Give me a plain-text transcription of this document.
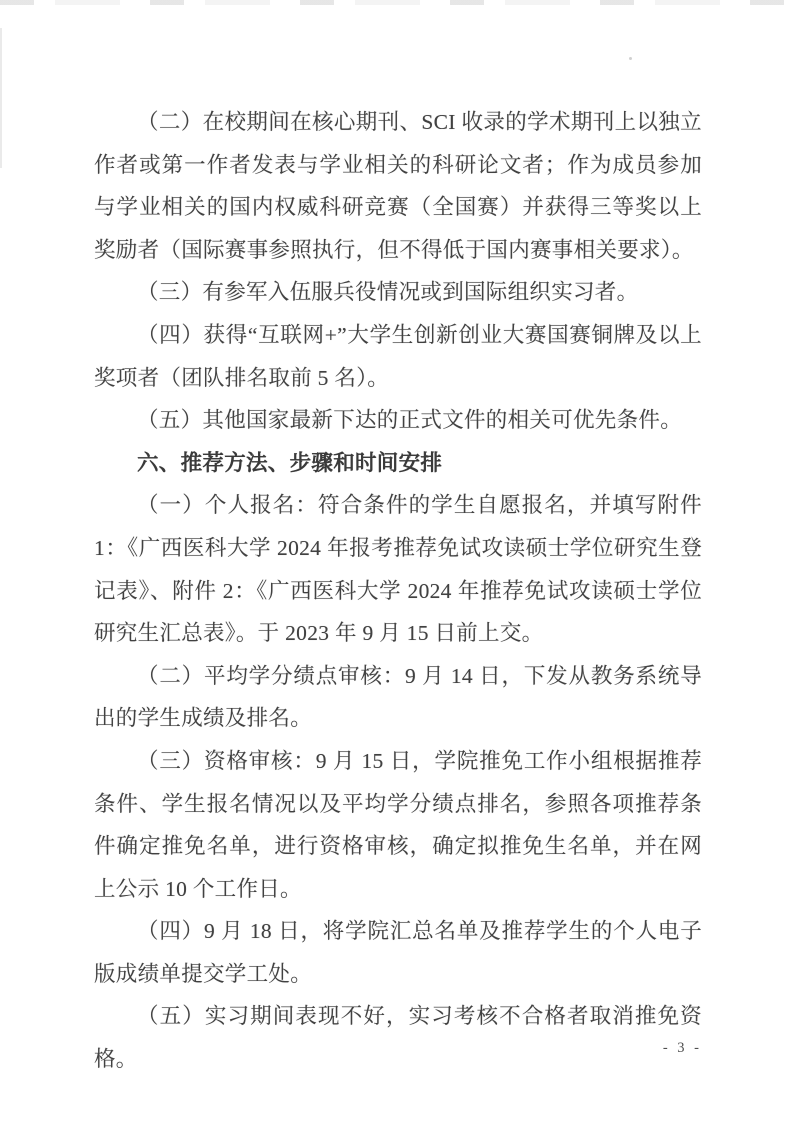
（二）在校期间在核心期刊、SCI 收录的学术期刊上以独立作者或第一作者发表与学业相关的科研论文者；作为成员参加与学业相关的国内权威科研竞赛（全国赛）并获得三等奖以上奖励者（国际赛事参照执行，但不得低于国内赛事相关要求）。

（三）有参军入伍服兵役情况或到国际组织实习者。

（四）获得“互联网+”大学生创新创业大赛国赛铜牌及以上奖项者（团队排名取前 5 名）。

（五）其他国家最新下达的正式文件的相关可优先条件。

六、推荐方法、步骤和时间安排

（一）个人报名：符合条件的学生自愿报名，并填写附件 1：《广西医科大学 2024 年报考推荐免试攻读硕士学位研究生登记表》、附件 2：《广西医科大学 2024 年推荐免试攻读硕士学位研究生汇总表》。于 2023 年 9 月 15 日前上交。

（二）平均学分绩点审核：9 月 14 日，下发从教务系统导出的学生成绩及排名。

（三）资格审核：9 月 15 日，学院推免工作小组根据推荐条件、学生报名情况以及平均学分绩点排名，参照各项推荐条件确定推免名单，进行资格审核，确定拟推免生名单，并在网上公示 10 个工作日。

（四）9 月 18 日，将学院汇总名单及推荐学生的个人电子版成绩单提交学工处。

（五）实习期间表现不好，实习考核不合格者取消推免资格。	- 3 -
